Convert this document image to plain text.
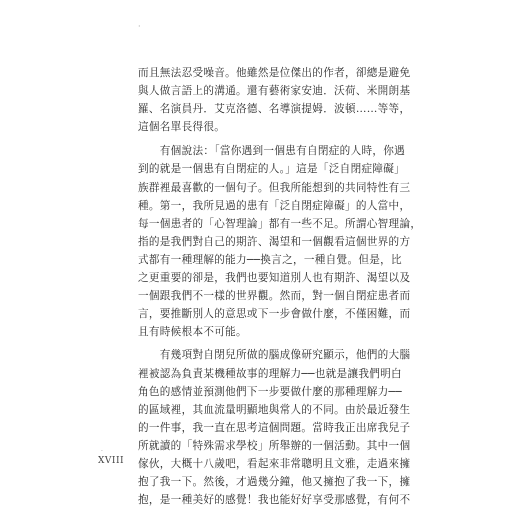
而且無法忍受噪音。他雖然是位傑出的作者，卻總是避免

與人做言語上的溝通。還有藝術家安迪．沃荷、米開朗基

羅、名演員丹．艾克洛德、名導演提姆．波頓……等等，

這個名單長得很。

　　有個說法：「當你遇到一個患有自閉症的人時，你遇

到的就是一個患有自閉症的人。」這是「泛自閉症障礙」

族群裡最喜歡的一個句子。但我所能想到的共同特性有三

種。第一，我所見過的患有「泛自閉症障礙」的人當中，

每一個患者的「心智理論」都有一些不足。所謂心智理論，

指的是我們對自己的期許、渴望和一個觀看這個世界的方

式都有一種理解的能力──換言之，一種自覺。但是，比

之更重要的卻是，我們也要知道別人也有期許、渴望以及

一個跟我們不一樣的世界觀。然而，對一個自閉症患者而

言，要推斷別人的意思或下一步會做什麼，不僅困難，而

且有時候根本不可能。

　　有幾項對自閉兒所做的腦成像研究顯示，他們的大腦

裡被認為負責某機種故事的理解力──也就是讓我們明白

角色的感情並預測他們下一步要做什麼的那種理解力──

的區域裡，其血流量明顯地與常人的不同。由於最近發生

的一件事，我一直在思考這個問題。當時我正出席我兒子

所就讀的「特殊需求學校」所舉辦的一個活動。其中一個

傢伙，大概十八歲吧，看起來非常聰明且文雅，走過來擁

抱了我一下。然後，才過幾分鐘，他又擁抱了我一下，擁

抱，是一種美好的感覺！我也能好好享受那感覺，有何不

·
·
XVIII
